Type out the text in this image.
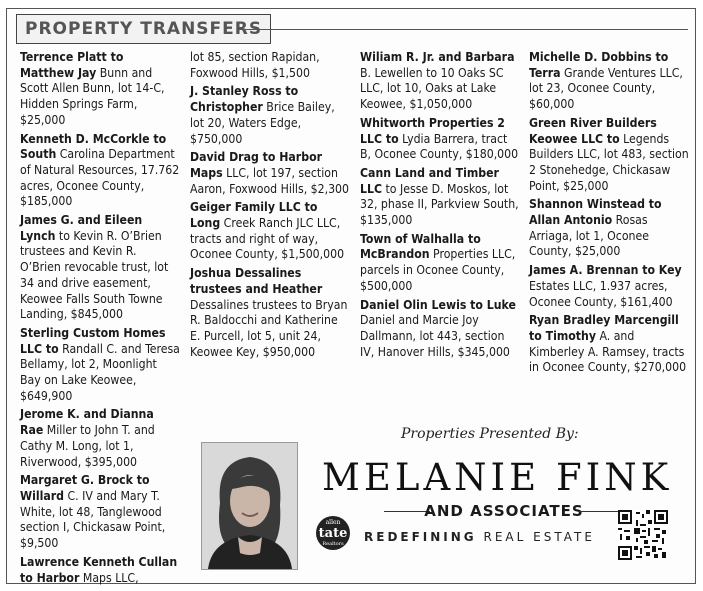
PROPERTY TRANSFERS

Terrence Platt to Matthew Jay Bunn and Scott Allen Bunn, lot 14-C, Hidden Springs Farm, $25,000

Kenneth D. McCorkle to South Carolina Department of Natural Resources, 17.762 acres, Oconee County, $185,000

James G. and Eileen Lynch to Kevin R. O’Brien trustees and Kevin R. O’Brien revocable trust, lot 34 and drive easement, Keowee Falls South Towne Landing, $845,000

Sterling Custom Homes LLC to Randall C. and Teresa Bellamy, lot 2, Moonlight Bay on Lake Keowee, $649,900

Jerome K. and Dianna Rae Miller to John T. and Cathy M. Long, lot 1, Riverwood, $395,000

Margaret G. Brock to Willard C. IV and Mary T. White, lot 48, Tanglewood section I, Chickasaw Point, $9,500

Lawrence Kenneth Cullan to Harbor Maps LLC,

lot 85, section Rapidan, Foxwood Hills, $1,500

J. Stanley Ross to Christopher Brice Bailey, lot 20, Waters Edge, $750,000

David Drag to Harbor Maps LLC, lot 197, section Aaron, Foxwood Hills, $2,300

Geiger Family LLC to Long Creek Ranch JLC LLC, tracts and right of way, Oconee County, $1,500,000

Joshua Dessalines trustees and Heather Dessalines trustees to Bryan R. Baldocchi and Katherine E. Purcell, lot 5, unit 24, Keowee Key, $950,000

Wiliam R. Jr. and Barbara B. Lewellen to 10 Oaks SC LLC, lot 10, Oaks at Lake Keowee, $1,050,000

Whitworth Properties 2 LLC to Lydia Barrera, tract B, Oconee County, $180,000

Cann Land and Timber LLC to Jesse D. Moskos, lot 32, phase II, Parkview South, $135,000

Town of Walhalla to McBrandon Properties LLC, parcels in Oconee County, $500,000

Daniel Olin Lewis to Luke Daniel and Marcie Joy Dallmann, lot 443, section IV, Hanover Hills, $345,000

Michelle D. Dobbins to Terra Grande Ventures LLC, lot 23, Oconee County, $60,000

Green River Builders Keowee LLC to Legends Builders LLC, lot 483, section 2 Stonehedge, Chickasaw Point, $25,000

Shannon Winstead to Allan Antonio Rosas Arriaga, lot 1, Oconee County, $25,000

James A. Brennan to Key Estates LLC, 1.937 acres, Oconee County, $161,400

Ryan Bradley Marcengill to Timothy A. and Kimberley A. Ramsey, tracts in Oconee County, $270,000

Properties Presented By:
MELANIE FINK
AND ASSOCIATES
allen
tate
Realtors	REDEFINING REAL ESTATE
